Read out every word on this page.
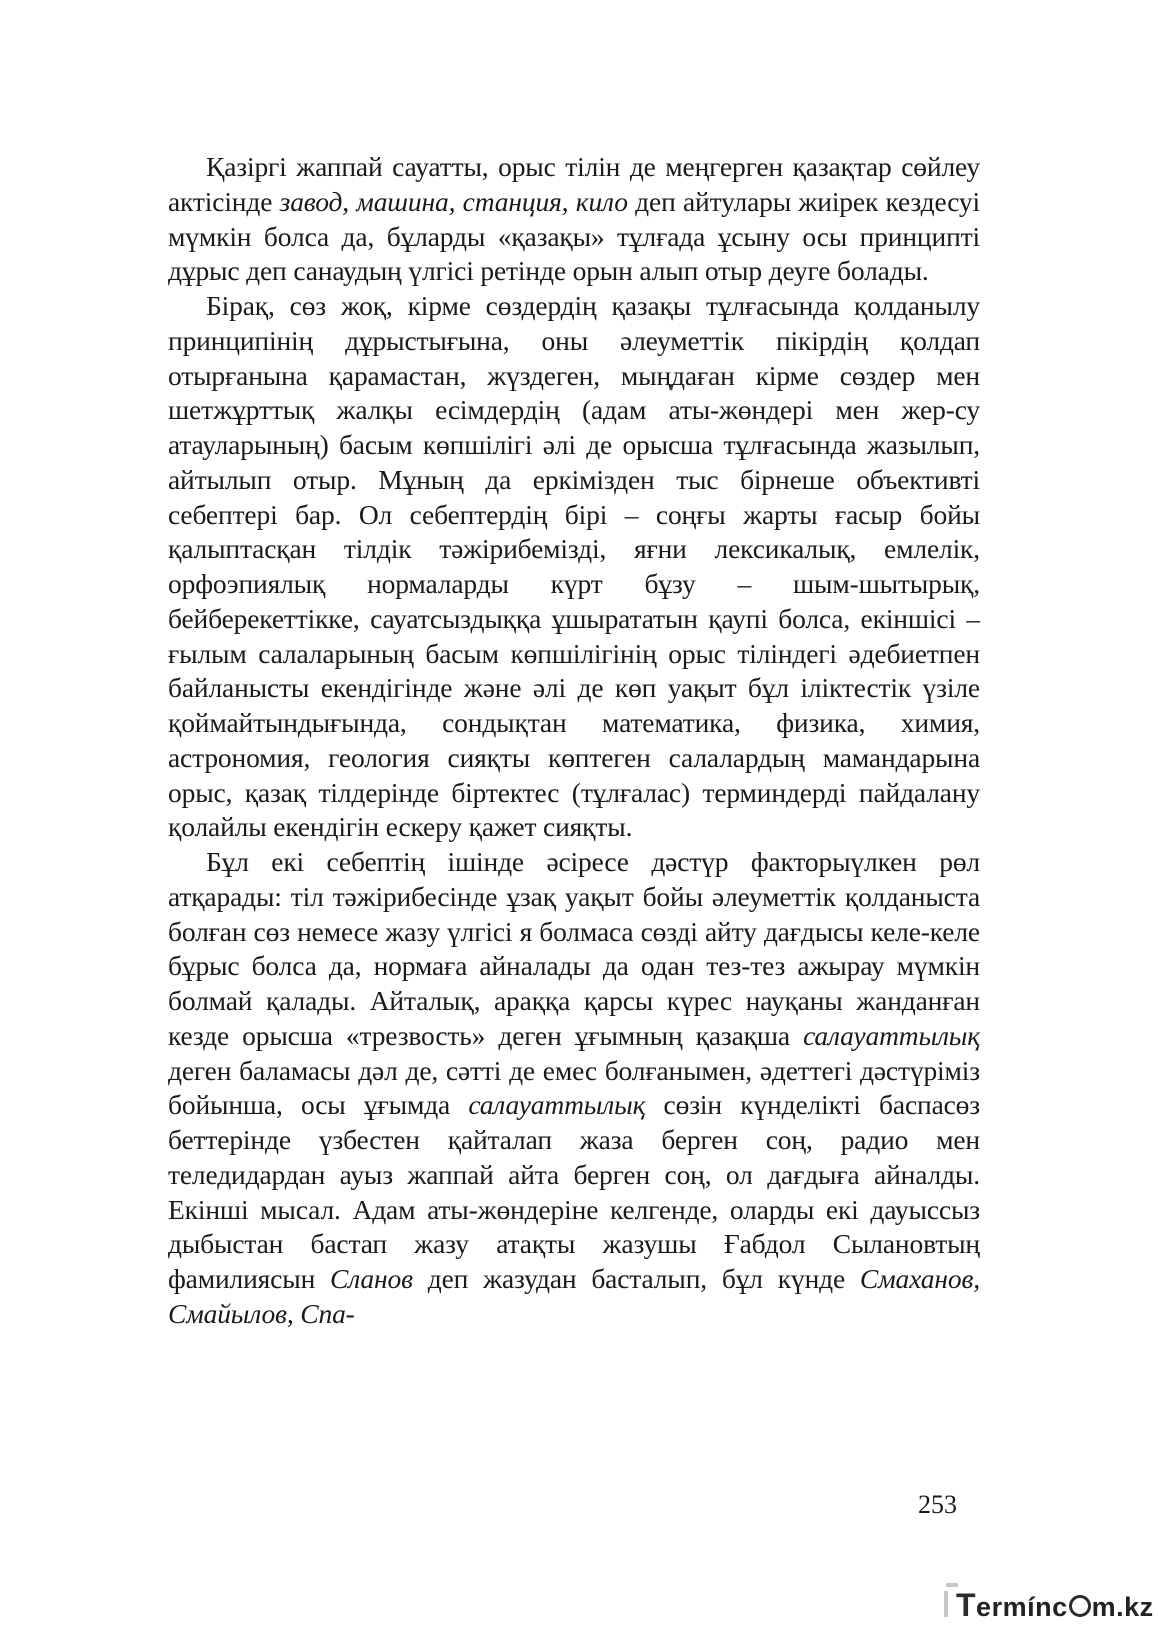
Қазіргі жаппай сауатты, орыс тілін де меңгерген қазақтар сөйлеу актісінде завод, машина, станция, кило деп айтулары жиірек кездесуі мүмкін болса да, бұларды «қазақы» тұлғада ұсыну осы принципті дұрыс деп санаудың үлгісі ретінде орын алып отыр деуге болады.

Бірақ, сөз жоқ, кірме сөздердің қазақы тұлғасында қолданылу принципінің дұрыстығына, оны әлеуметтік пікірдің қолдап отырғанына қарамастан, жүздеген, мыңдаған кірме сөздер мен шетжұрттық жалқы есімдердің (адам аты-жөндері мен жер-су атауларының) басым көпшілігі әлі де орысша тұлғасында жазылып, айтылып отыр. Мұның да еркімізден тыс бірнеше объективті себептері бар. Ол себептердің бірі – соңғы жарты ғасыр бойы қалыптасқан тілдік тәжірибемізді, яғни лексикалық, емлелік, орфоэпиялық нормаларды күрт бұзу – шым-шытырық, бейберекеттікке, сауатсыздыққа ұшырататын қаупі болса, екіншісі – ғылым салаларының басым көпшілігінің орыс тіліндегі әдебиетпен байланысты екендігінде және әлі де көп уақыт бұл іліктестік үзіле қоймайтындығында, сондықтан математика, физика, химия, астрономия, геология сияқты көптеген салалардың мамандарына орыс, қазақ тілдерінде біртектес (тұлғалас) терминдерді пайдалану қолайлы екендігін ескеру қажет сияқты.

Бұл екі себептің ішінде әсіресе дәстүр факторыүлкен рөл атқарады: тіл тәжірибесінде ұзақ уақыт бойы әлеуметтік қолданыста болған сөз немесе жазу үлгісі я болмаса сөзді айту дағдысы келе-келе бұрыс болса да, нормаға айналады да одан тез-тез ажырау мүмкін болмай қалады. Айталық, араққа қарсы күрес науқаны жанданған кезде орысша «трезвость» деген ұғымның қазақша салауаттылық деген баламасы дәл де, сәтті де емес болғанымен, әдеттегі дәстүріміз бойынша, осы ұғымда салауаттылық сөзін күнделікті баспасөз беттерінде үзбестен қайталап жаза берген соң, радио мен теледидардан ауыз жаппай айта берген соң, ол дағдыға айналды. Екінші мысал. Адам аты-жөндеріне келгенде, оларды екі дауыссыз дыбыстан бастап жазу атақты жазушы Ғабдол Сылановтың фамилиясын Сланов деп жазудан басталып, бұл күнде Смаханов, Смайылов, Спа-

253
Termínc m.kz
